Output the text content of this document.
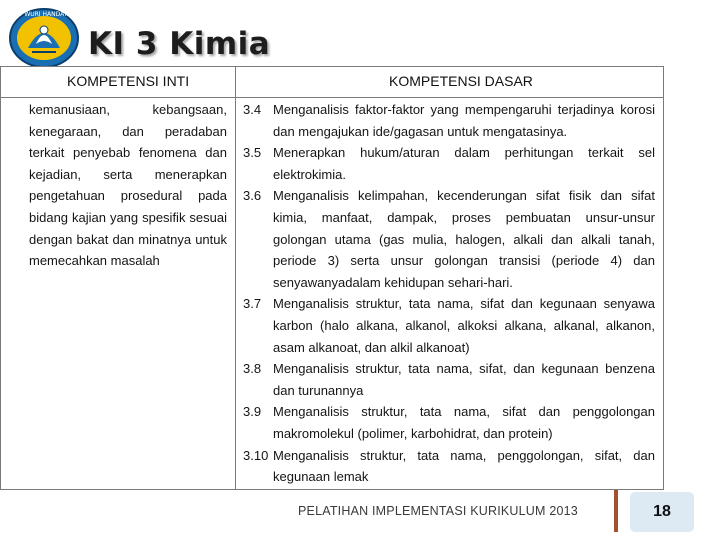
TUT WURI HANDAYANI
KI 3 Kimia
KOMPETENSI INTI	KOMPETENSI DASAR
kemanusiaan, kebangsaan, kenegaraan, dan peradaban terkait penyebab fenomena dan kejadian, serta menerapkan pengetahuan prosedural pada bidang kajian yang spesifik sesuai dengan bakat dan minatnya untuk memecahkan masalah
3.4 Menganalisis faktor-faktor yang mempengaruhi terjadinya korosi dan mengajukan ide/gagasan untuk mengatasinya.
3.5 Menerapkan hukum/aturan dalam perhitungan terkait sel elektrokimia.
3.6 Menganalisis kelimpahan, kecenderungan sifat fisik dan sifat kimia, manfaat, dampak, proses pembuatan unsur-unsur golongan utama (gas mulia, halogen, alkali dan alkali tanah, periode 3) serta unsur golongan transisi (periode 4) dan senyawanyadalam kehidupan sehari-hari.
3.7 Menganalisis struktur, tata nama, sifat dan kegunaan senyawa karbon (halo alkana, alkanol, alkoksi alkana, alkanal, alkanon, asam alkanoat, dan alkil alkanoat)
3.8 Menganalisis struktur, tata nama, sifat, dan kegunaan benzena dan turunannya
3.9 Menganalisis struktur, tata nama, sifat dan penggolongan makromolekul (polimer, karbohidrat, dan protein)
3.10 Menganalisis struktur, tata nama, penggolongan, sifat, dan kegunaan lemak
PELATIHAN IMPLEMENTASI KURIKULUM 2013	18
